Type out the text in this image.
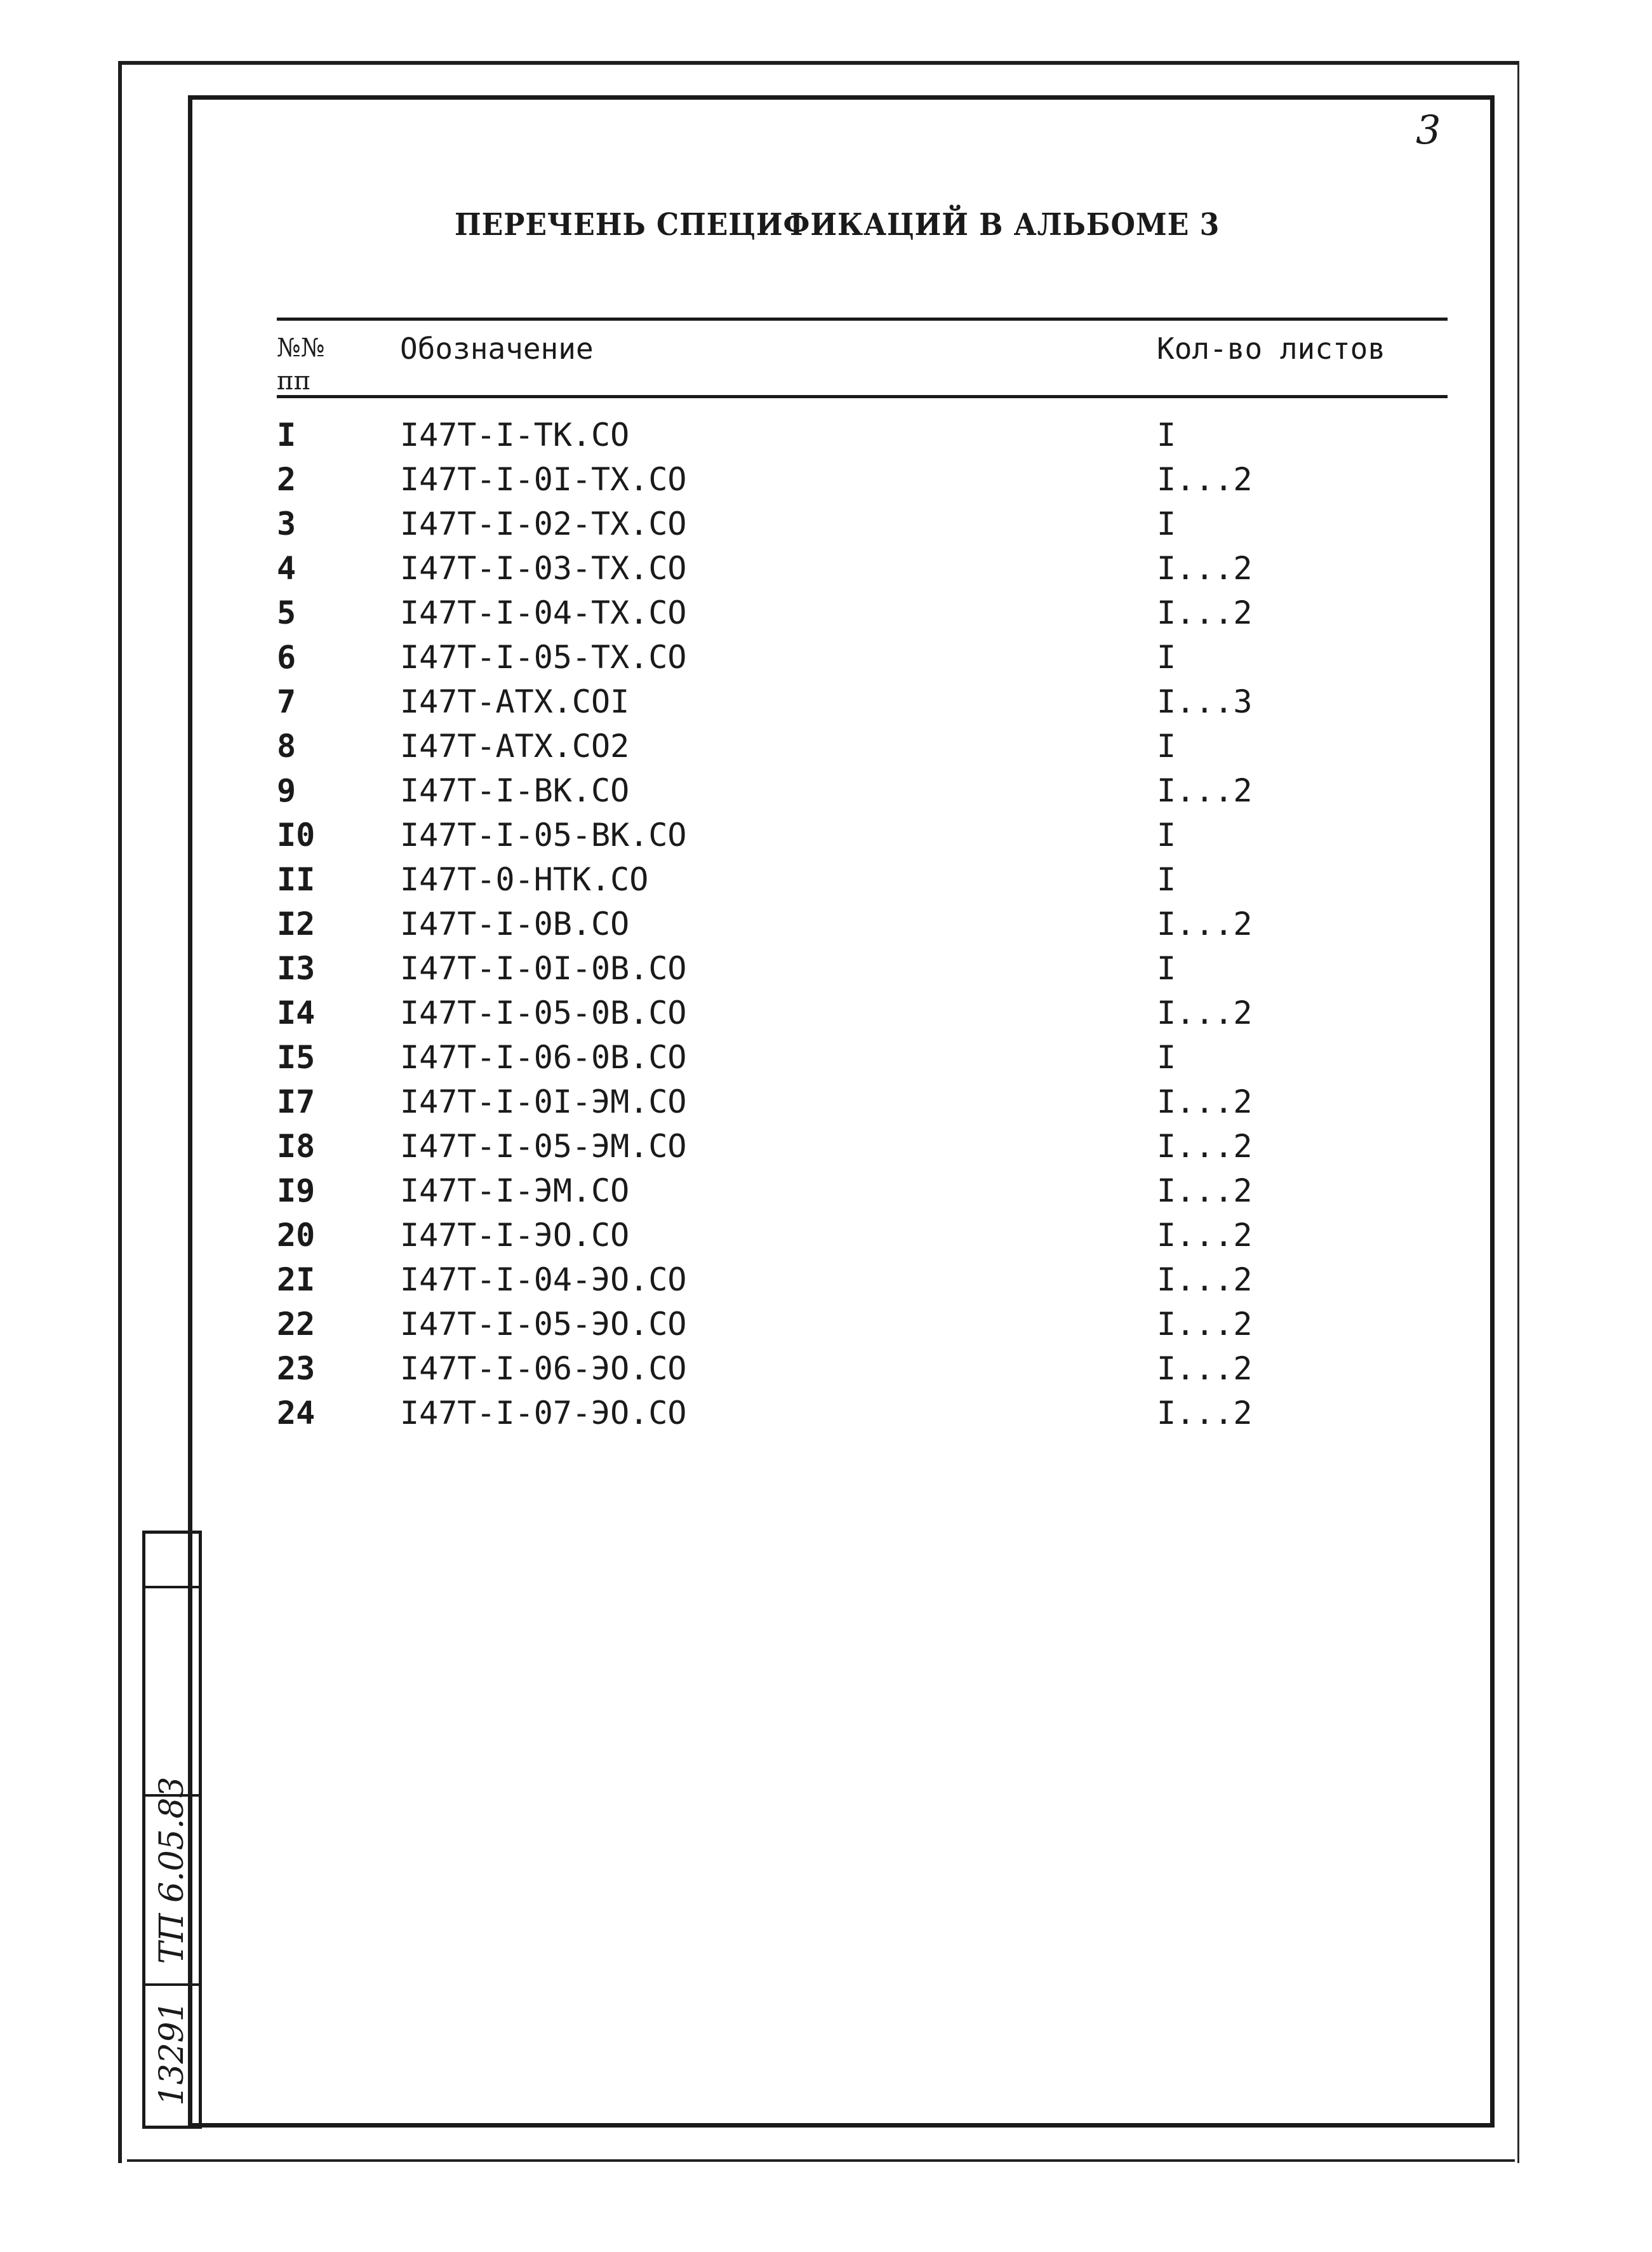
ТП 6.05.83
13291
3
ПЕРЕЧЕНЬ СПЕЦИФИКАЦИЙ В АЛЬБОМЕ 3
№№
пп
Обозначение	Кол-во листов
I	I47Т-I-ТК.СО	I
2	I47Т-I-0I-ТХ.СО	I...2
3	I47Т-I-02-ТХ.СО	I
4	I47Т-I-03-ТХ.СО	I...2
5	I47Т-I-04-ТХ.СО	I...2
6	I47Т-I-05-ТХ.СО	I
7	I47Т-АТХ.СОI	I...3
8	I47Т-АТХ.СО2	I
9	I47Т-I-ВК.СО	I...2
I0	I47Т-I-05-ВК.СО	I
II	I47Т-0-НТК.СО	I
I2	I47Т-I-0В.СО	I...2
I3	I47Т-I-0I-0В.СО	I
I4	I47Т-I-05-0В.СО	I...2
I5	I47Т-I-06-0В.СО	I
I7	I47Т-I-0I-ЭМ.СО	I...2
I8	I47Т-I-05-ЭМ.СО	I...2
I9	I47Т-I-ЭМ.СО	I...2
20	I47Т-I-ЭО.СО	I...2
2I	I47Т-I-04-ЭО.СО	I...2
22	I47Т-I-05-ЭО.СО	I...2
23	I47Т-I-06-ЭО.СО	I...2
24	I47Т-I-07-ЭО.СО	I...2
